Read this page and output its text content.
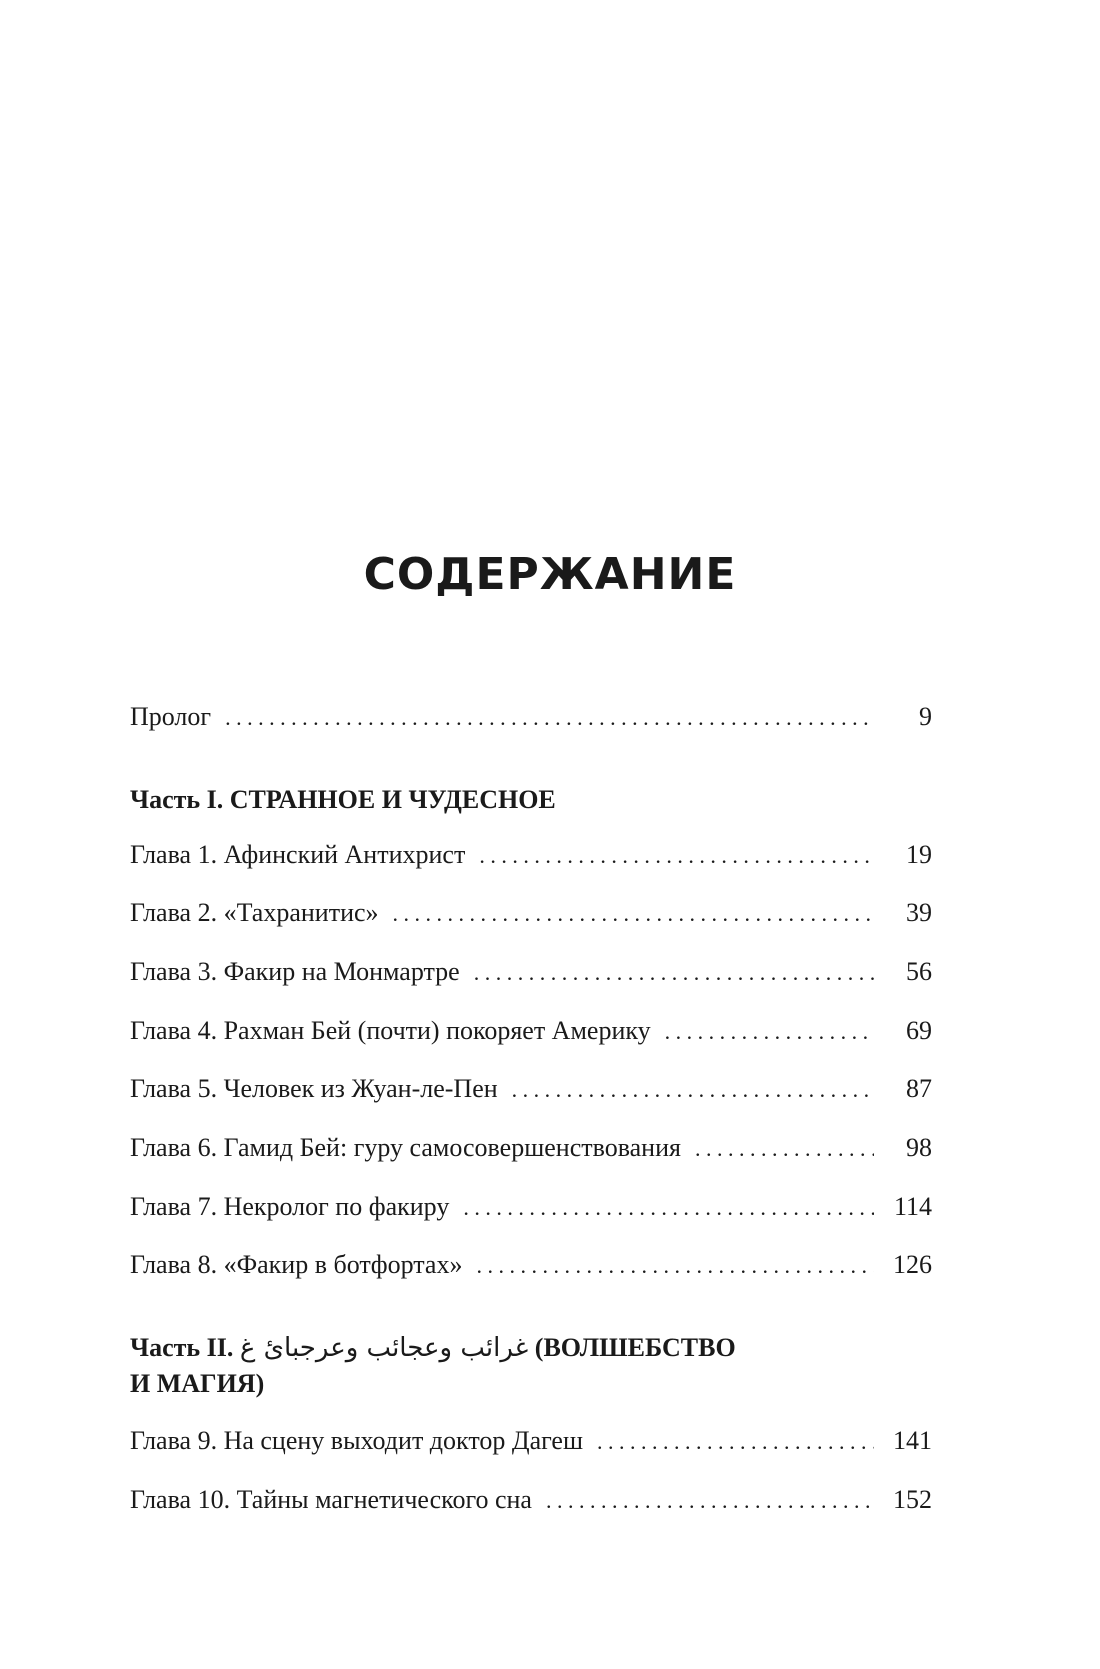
СОДЕРЖАНИЕ
Пролог . . .	9
Часть I. СТРАННОЕ И ЧУДЕСНОЕ
Глава 1. Афинский Антихрист . . .	19
Глава 2. «Тахранитис» . . .	39
Глава 3. Факир на Монмартре . . .	56
Глава 4. Рахман Бей (почти) покоряет Америку . . .	69
Глава 5. Человек из Жуан-ле-Пен . . .	87
Глава 6. Гамид Бей: гуру самосовершенствования . . .	98
Глава 7. Некролог по факиру . . .	114
Глава 8. «Факир в ботфортах» . . .	126
Часть II. غرائب وعجائب وعرجبائ غ (ВОЛШЕБСТВО
И МАГИЯ)
Глава 9. На сцену выходит доктор Дагеш . . .	141
Глава 10. Тайны магнетического сна . . .	152
